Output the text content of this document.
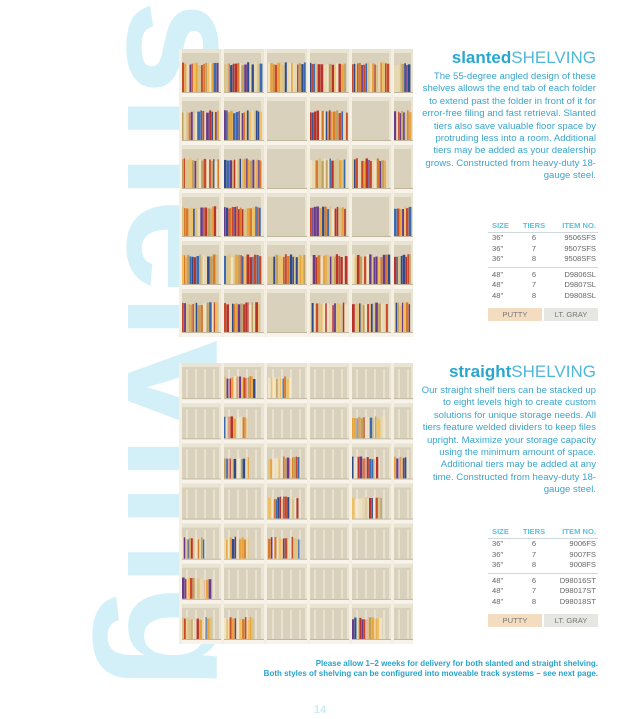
shelving	slantedSHELVING
The 55-degree angled design of these shelves allows the end tab of each folder to extend past the folder in front of it for error-free filing and fast retrieval. Slanted tiers also save valuable floor space by protruding less into a room. Additional tiers may be added as your dealership grows. Constructed from heavy-duty 18-gauge steel.
SIZE	TIERS	ITEM NO.
36"	6	9506SFS
36"	7	9507SFS
36"	8	9508SFS
48"	6	D9806SL
48"	7	D9807SL
48"	8	D9808SL
PUTTY	LT. GRAY
straightSHELVING
Our straight shelf tiers can be stacked up to eight levels high to create custom solutions for unique storage needs. All tiers feature welded dividers to keep files upright. Maximize your storage capacity using the minimum amount of space. Additional tiers may be added at any time. Constructed from heavy-duty 18-gauge steel.
SIZE	TIERS	ITEM NO.
36"	6	9006FS
36"	7	9007FS
36"	8	9008FS
48"	6	D98016ST
48"	7	D98017ST
48"	8	D98018ST
PUTTY	LT. GRAY
Please allow 1–2 weeks for delivery for both slanted and straight shelving.
Both styles of shelving can be configured into moveable track systems – see next page.
14
